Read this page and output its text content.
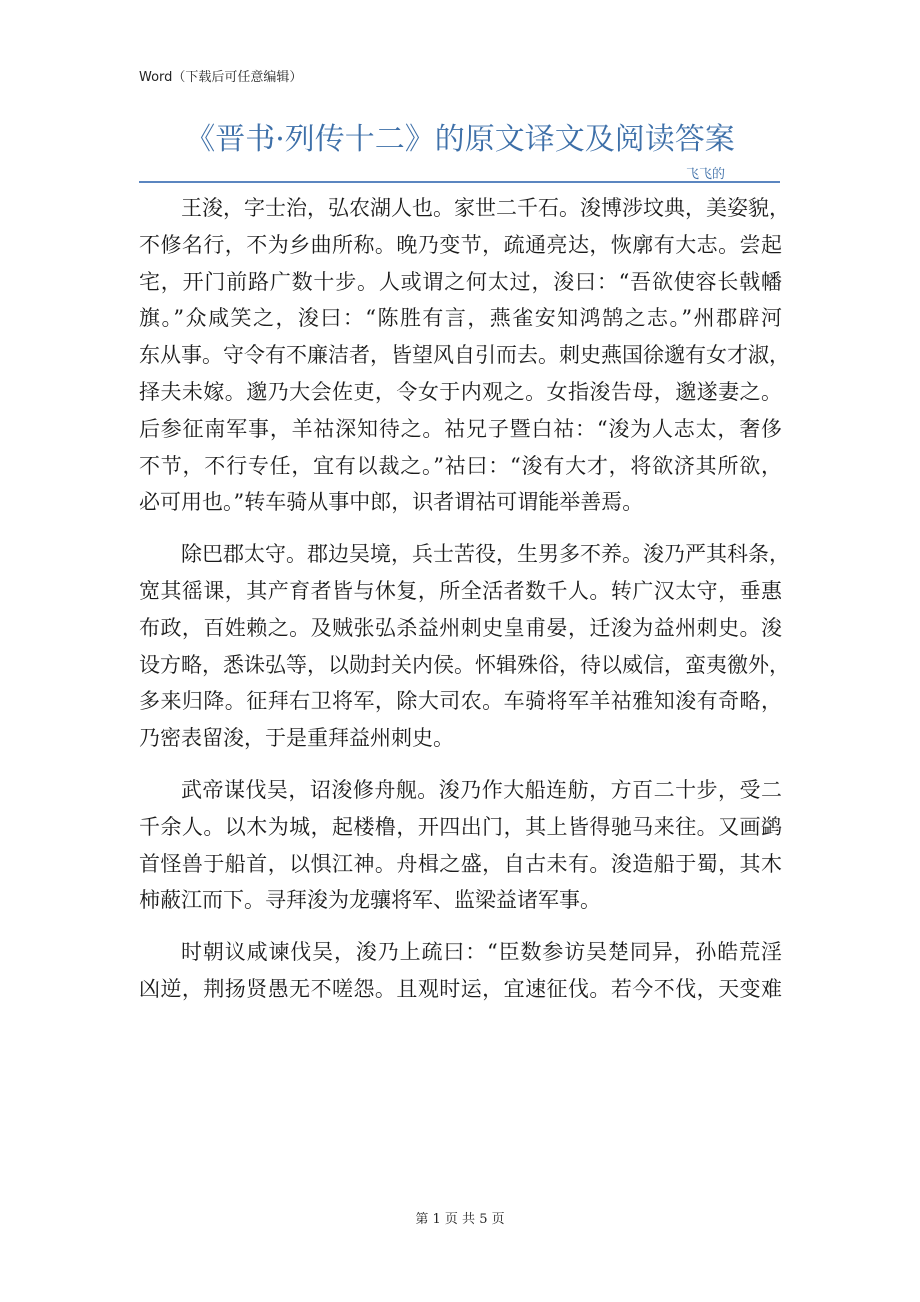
Word（下载后可任意编辑）
《晋书·列传十二》的原文译文及阅读答案
飞飞的
王浚，字士治，弘农湖人也。家世二千石。浚博涉坟典，美姿貌，
不修名行，不为乡曲所称。晚乃变节，疏通亮达，恢廓有大志。尝起
宅，开门前路广数十步。人或谓之何太过，浚曰：“吾欲使容长戟幡
旗。”众咸笑之，浚曰：“陈胜有言，燕雀安知鸿鹄之志。”州郡辟河
东从事。守令有不廉洁者，皆望风自引而去。刺史燕国徐邈有女才淑，
择夫未嫁。邈乃大会佐吏，令女于内观之。女指浚告母，邈遂妻之。
后参征南军事，羊祜深知待之。祜兄子暨白祜：“浚为人志太，奢侈
不节，不行专任，宜有以裁之。”祜曰：“浚有大才，将欲济其所欲，
必可用也。”转车骑从事中郎，识者谓祜可谓能举善焉。
除巴郡太守。郡边吴境，兵士苦役，生男多不养。浚乃严其科条，
宽其徭课，其产育者皆与休复，所全活者数千人。转广汉太守，垂惠
布政，百姓赖之。及贼张弘杀益州刺史皇甫晏，迁浚为益州刺史。浚
设方略，悉诛弘等，以勋封关内侯。怀辑殊俗，待以威信，蛮夷徼外，
多来归降。征拜右卫将军，除大司农。车骑将军羊祜雅知浚有奇略，
乃密表留浚，于是重拜益州刺史。
武帝谋伐吴，诏浚修舟舰。浚乃作大船连舫，方百二十步，受二
千余人。以木为城，起楼橹，开四出门，其上皆得驰马来往。又画鹢
首怪兽于船首，以惧江神。舟楫之盛，自古未有。浚造船于蜀，其木
柿蔽江而下。寻拜浚为龙骧将军、监梁益诸军事。
时朝议咸谏伐吴，浚乃上疏曰：“臣数参访吴楚同异，孙皓荒淫
凶逆，荆扬贤愚无不嗟怨。且观时运，宜速征伐。若今不伐，天变难
第 1 页 共 5 页
